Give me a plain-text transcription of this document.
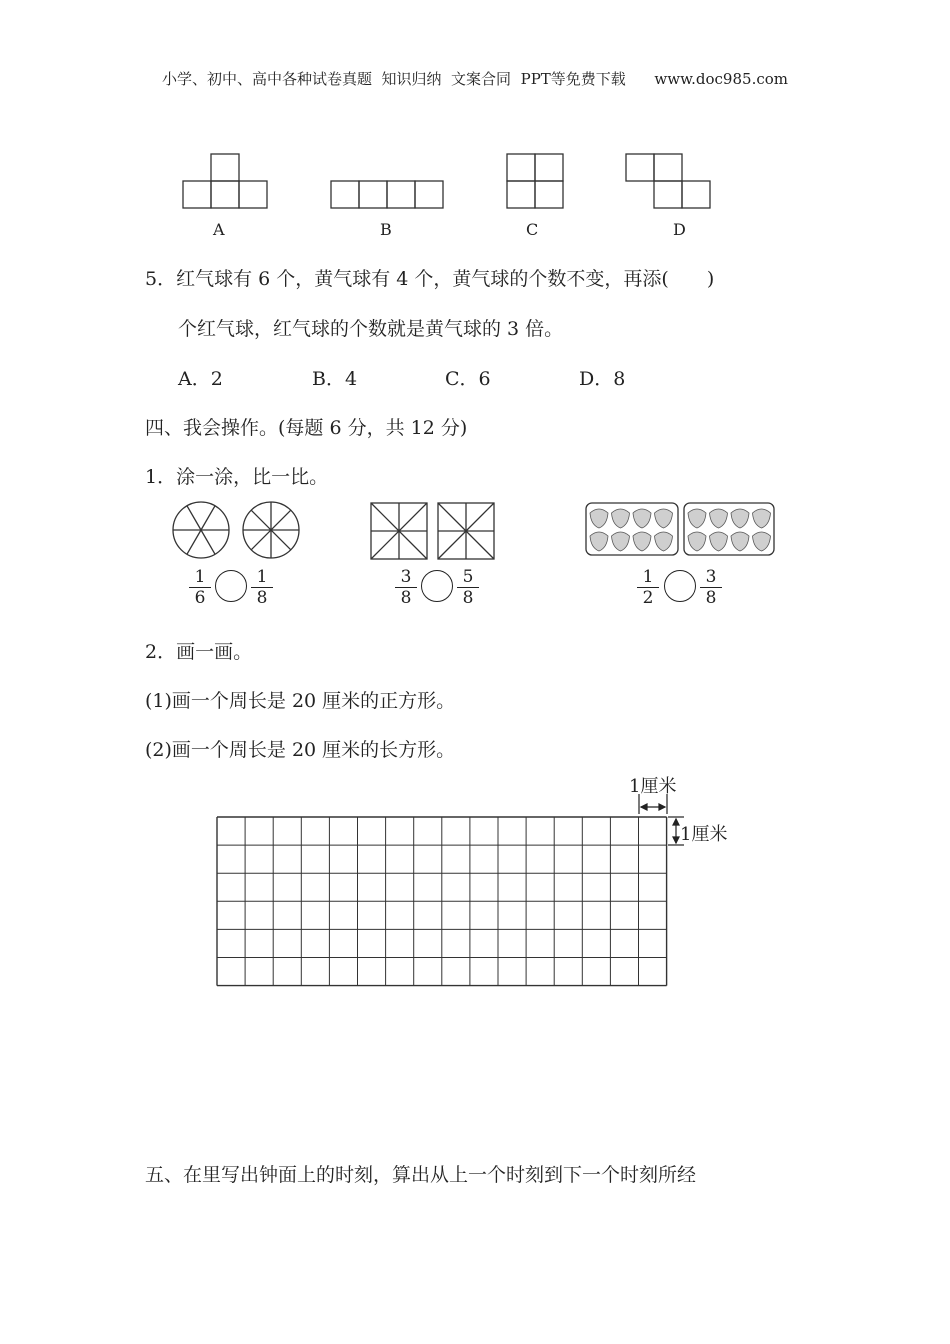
小学、初中、高中各种试卷真题  知识归纳  文案合同  PPT等免费下载      www.doc985.com
A	B	C	D
5．红气球有 6 个，黄气球有 4 个，黄气球的个数不变，再添(　　)
个红气球，红气球的个数就是黄气球的 3 倍。
A．2	B．4	C．6	D．8
四、我会操作。(每题 6 分，共 12 分)
1．涂一涂，比一比。
$\frac{1}{6} \frac{1}{8}$	$\frac{3}{8} \frac{5}{8}$	$\frac{1}{2} \frac{3}{8}$
2．画一画。
(1)画一个周长是 20 厘米的正方形。
(2)画一个周长是 20 厘米的长方形。
1厘米
1厘米
五、在里写出钟面上的时刻，算出从上一个时刻到下一个时刻所经
